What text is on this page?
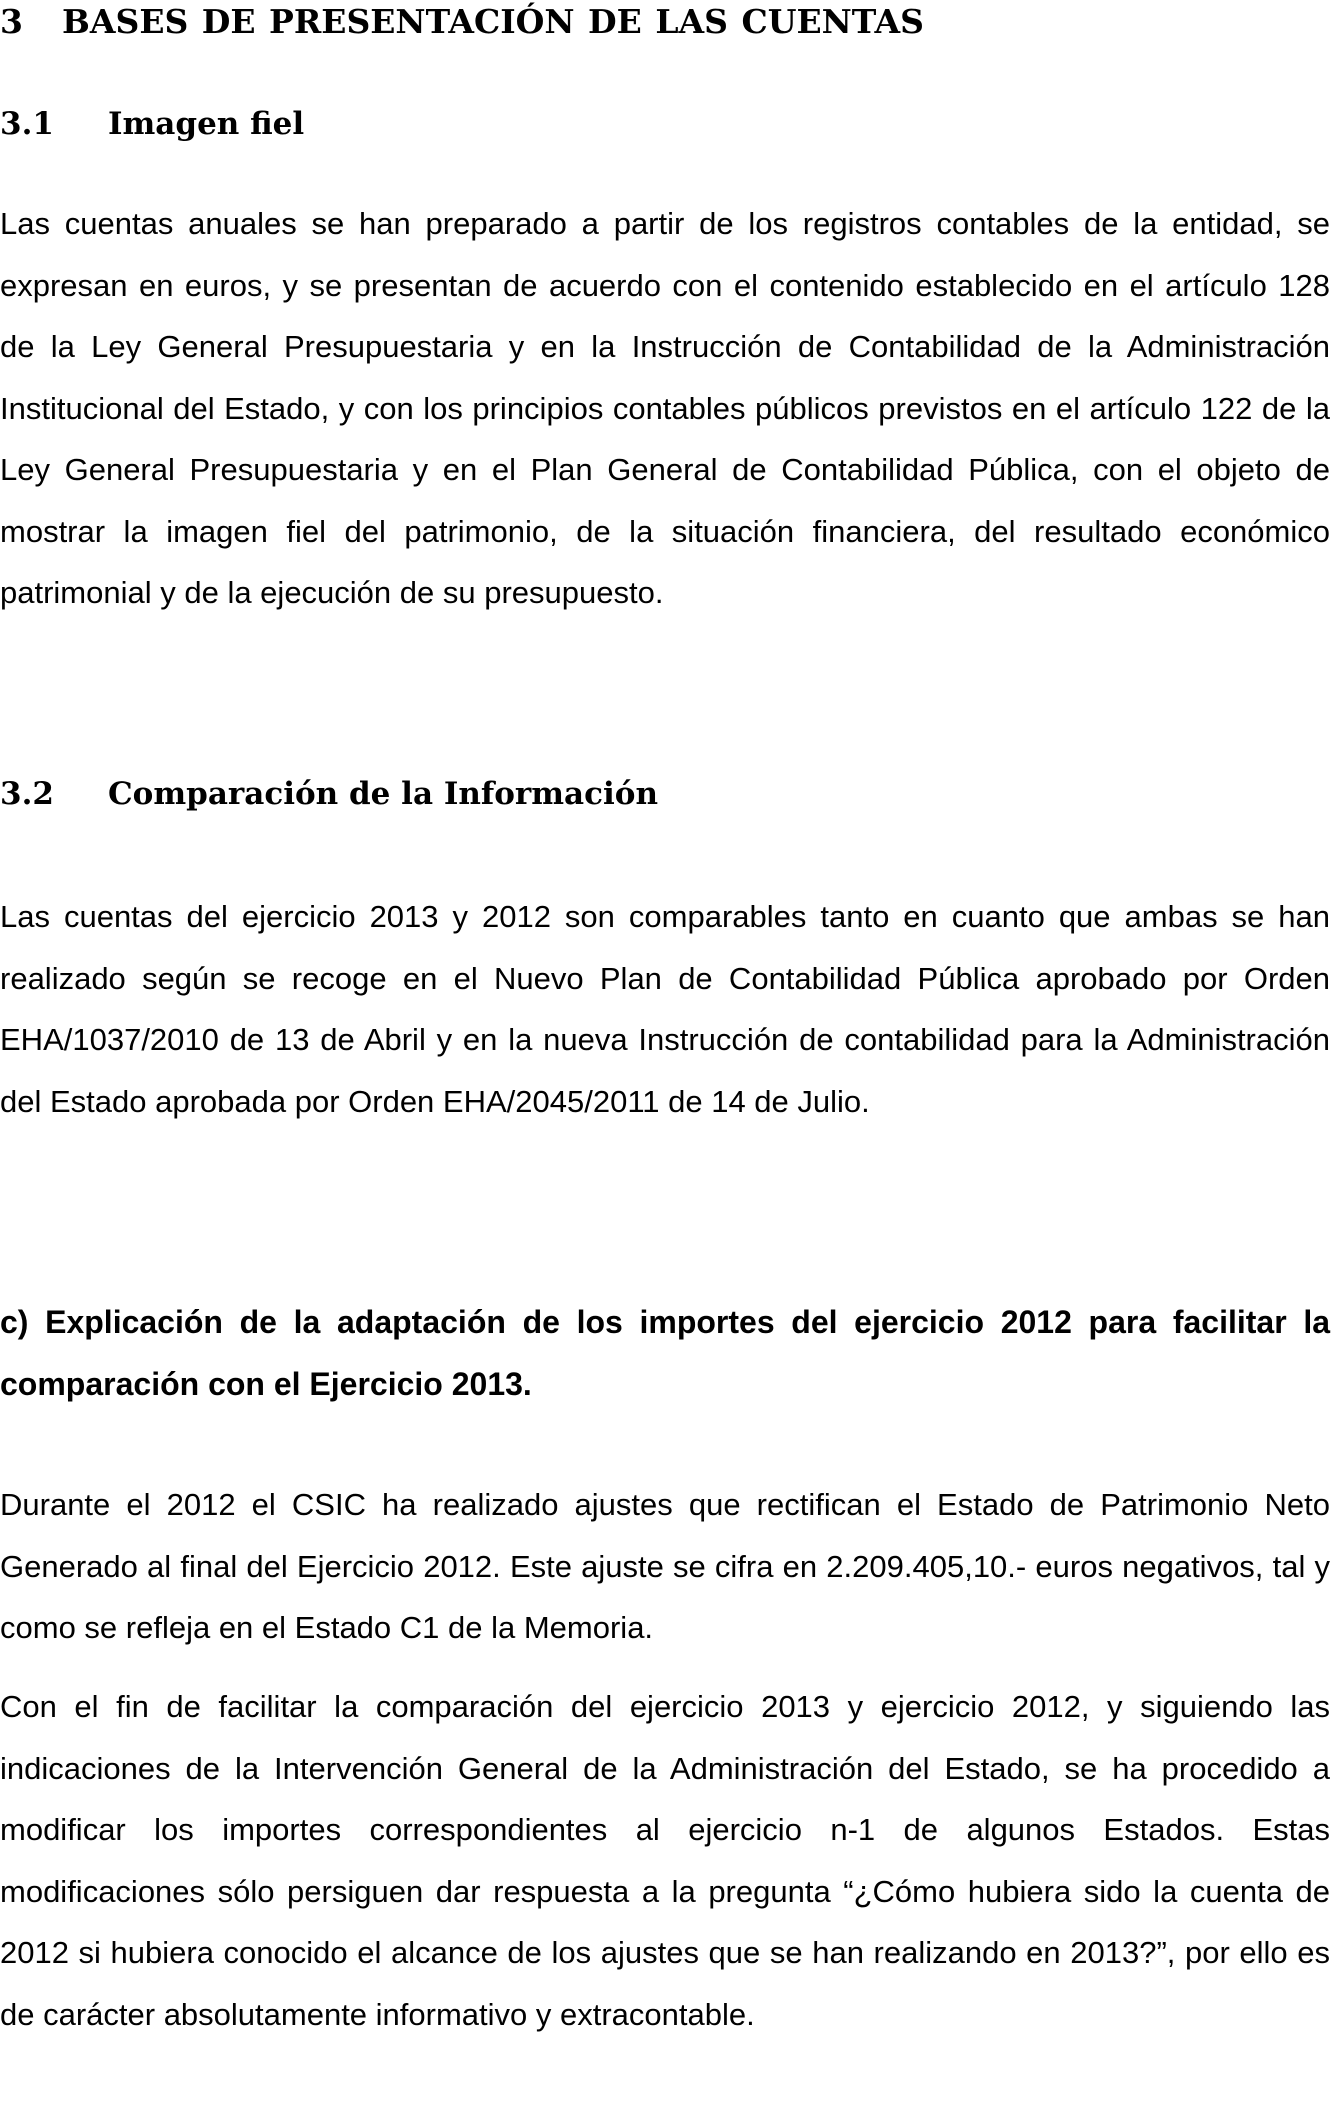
3 BASES DE PRESENTACIÓN DE LAS CUENTAS
3.1 Imagen fiel
Las cuentas anuales se han preparado a partir de los registros contables de la entidad, se expresan en euros, y se presentan de acuerdo con el contenido establecido en el artículo 128 de la Ley General Presupuestaria y en la Instrucción de Contabilidad de la Administración Institucional del Estado, y con los principios contables públicos previstos en el artículo 122 de la Ley General Presupuestaria y en el Plan General de Contabilidad Pública, con el objeto de mostrar la imagen fiel del patrimonio, de la situación financiera, del resultado económico patrimonial y de la ejecución de su presupuesto.
3.2 Comparación de la Información
Las cuentas del ejercicio 2013 y 2012 son comparables tanto en cuanto que ambas se han realizado según se recoge en el Nuevo Plan de Contabilidad Pública aprobado por Orden EHA/1037/2010 de 13 de Abril y en la nueva Instrucción de contabilidad para la Administración del Estado aprobada por Orden EHA/2045/2011 de 14 de Julio.
c) Explicación de la adaptación de los importes del ejercicio 2012 para facilitar la comparación con el Ejercicio 2013.
Durante el 2012 el CSIC ha realizado ajustes que rectifican el Estado de Patrimonio Neto Generado al final del Ejercicio 2012. Este ajuste se cifra en 2.209.405,10.- euros negativos, tal y como se refleja en el Estado C1 de la Memoria.
Con el fin de facilitar la comparación del ejercicio 2013 y ejercicio 2012, y siguiendo las indicaciones de la Intervención General de la Administración del Estado, se ha procedido a modificar los importes correspondientes al ejercicio n-1 de algunos Estados. Estas modificaciones sólo persiguen dar respuesta a la pregunta “¿Cómo hubiera sido la cuenta de 2012 si hubiera conocido el alcance de los ajustes que se han realizando en 2013?”, por ello es de carácter absolutamente informativo y extracontable.
